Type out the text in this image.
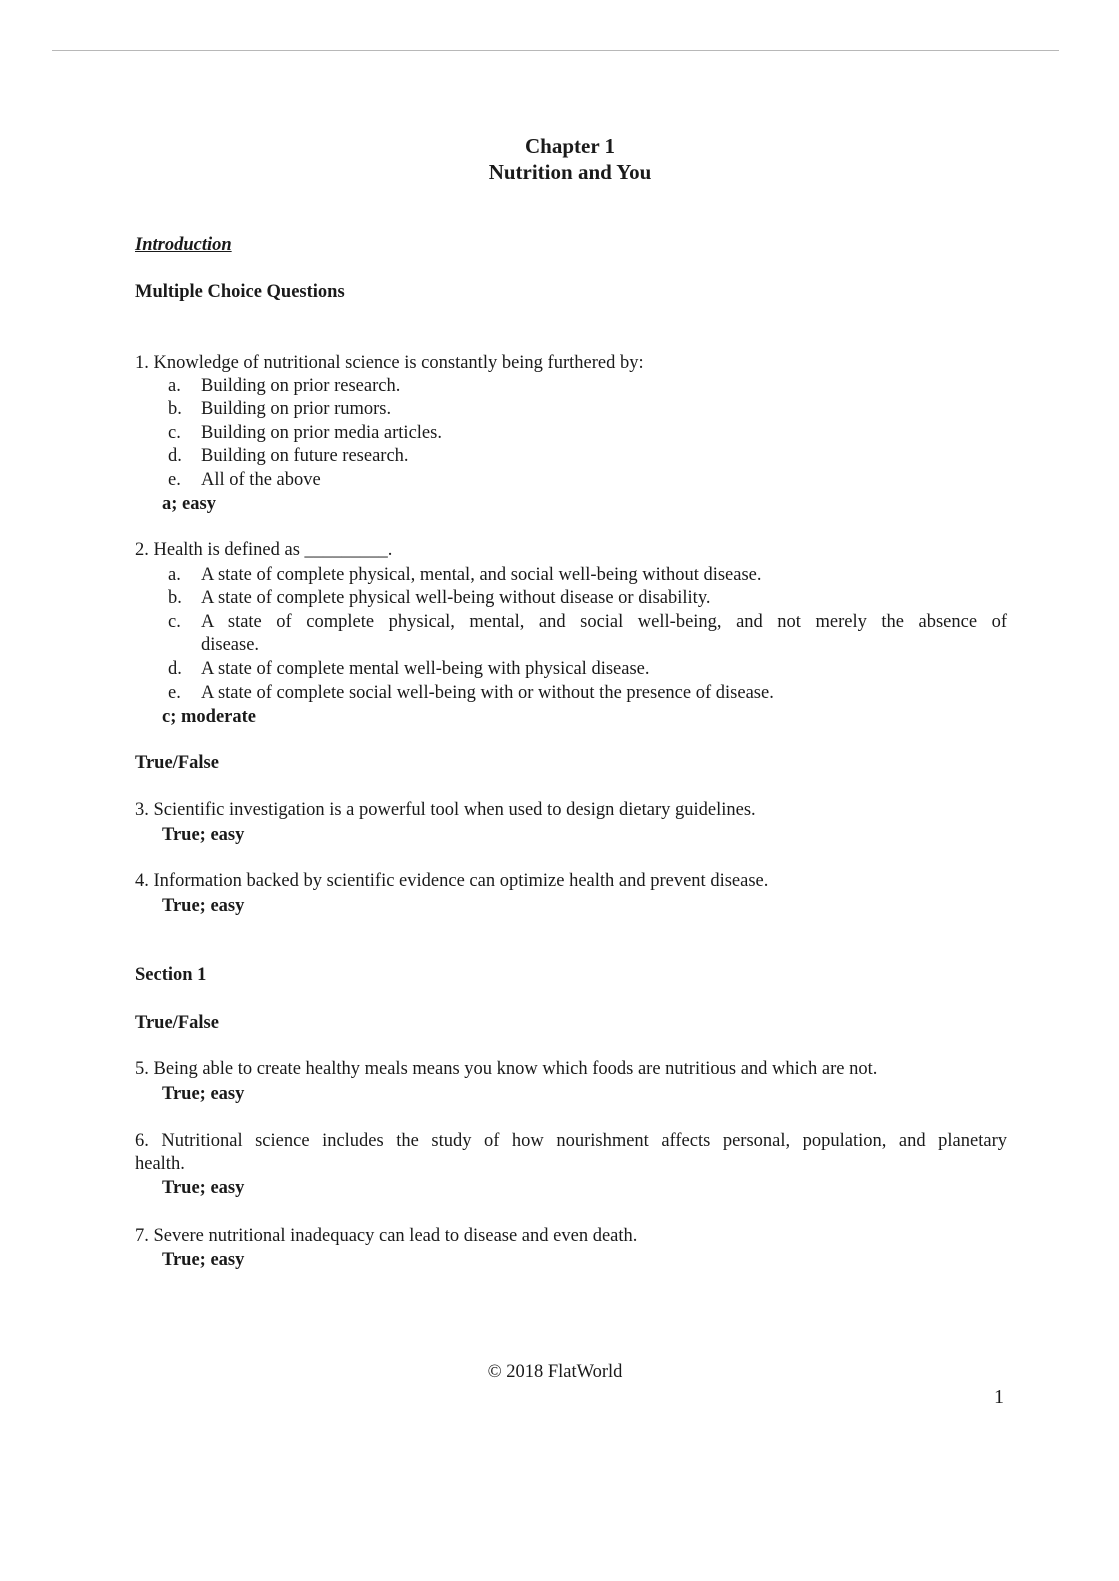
Chapter 1
Nutrition and You
Introduction
Multiple Choice Questions
1. Knowledge of nutritional science is constantly being furthered by:
a. Building on prior research.
b. Building on prior rumors.
c. Building on prior media articles.
d. Building on future research.
e. All of the above
a; easy
2. Health is defined as _________.
a. A state of complete physical, mental, and social well-being without disease.
b. A state of complete physical well-being without disease or disability.
c. A state of complete physical, mental, and social well-being, and not merely the absence of
disease.
d. A state of complete mental well-being with physical disease.
e. A state of complete social well-being with or without the presence of disease.
c; moderate
True/False
3. Scientific investigation is a powerful tool when used to design dietary guidelines.
True; easy
4. Information backed by scientific evidence can optimize health and prevent disease.
True; easy
Section 1
True/False
5. Being able to create healthy meals means you know which foods are nutritious and which are not.
True; easy
6. Nutritional science includes the study of how nourishment affects personal, population, and planetary
health.
True; easy
7. Severe nutritional inadequacy can lead to disease and even death.
True; easy
© 2018 FlatWorld
1
